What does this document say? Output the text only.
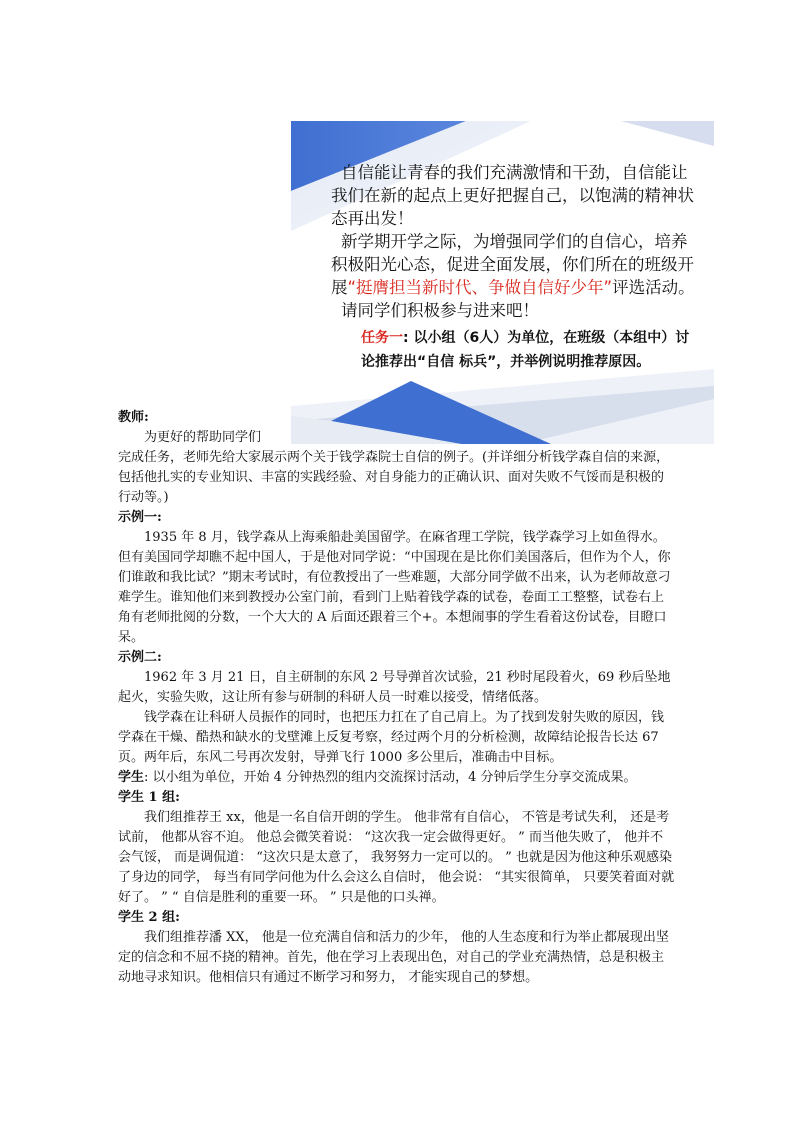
自信能让青春的我们充满激情和干劲，自信能让我们在新的起点上更好把握自己，以饱满的精神状态再出发！

新学期开学之际，为增强同学们的自信心，培养积极阳光心态，促进全面发展，你们所在的班级开展“挺膺担当新时代、争做自信好少年”评选活动。

请同学们积极参与进来吧！

任务一: 以小组（6人）为单位，在班级（本组中）讨论推荐出“自信 标兵”，并举例说明推荐原因。

教师:

为更好的帮助同学们

完成任务，老师先给大家展示两个关于钱学森院士自信的例子。(并详细分析钱学森自信的来源，包括他扎实的专业知识、丰富的实践经验、对自身能力的正确认识、面对失败不气馁而是积极的行动等。)

示例一:

1935 年 8 月，钱学森从上海乘船赴美国留学。在麻省理工学院，钱学森学习上如鱼得水。但有美国同学却瞧不起中国人，于是他对同学说：“中国现在是比你们美国落后，但作为个人，你们谁敢和我比试？”期末考试时，有位教授出了一些难题，大部分同学做不出来，认为老师故意刁难学生。谁知他们来到教授办公室门前，看到门上贴着钱学森的试卷，卷面工工整整，试卷右上角有老师批阅的分数，一个大大的 A 后面还跟着三个+。本想闹事的学生看着这份试卷，目瞪口呆。

示例二:

1962 年 3 月 21 日，自主研制的东风 2 号导弹首次试验，21 秒时尾段着火，69 秒后坠地起火，实验失败，这让所有参与研制的科研人员一时难以接受，情绪低落。

钱学森在让科研人员振作的同时，也把压力扛在了自己肩上。为了找到发射失败的原因，钱学森在干燥、酷热和缺水的戈壁滩上反复考察，经过两个月的分析检测，故障结论报告长达 67 页。两年后，东风二号再次发射，导弹飞行 1000 多公里后，准确击中目标。

学生: 以小组为单位，开始 4 分钟热烈的组内交流探讨活动，4 分钟后学生分享交流成果。

学生 1 组:

我们组推荐王 xx，他是一名自信开朗的学生。 他非常有自信心， 不管是考试失利， 还是考试前， 他都从容不迫。 他总会微笑着说： “这次我一定会做得更好。 ” 而当他失败了， 他并不会气馁， 而是调侃道： “这次只是太意了， 我努努力一定可以的。 ” 也就是因为他这种乐观感染了身边的同学， 每当有同学问他为什么会这么自信时， 他会说： “其实很简单， 只要笑着面对就好了。 ” “ 自信是胜利的重要一环。 ” 只是他的口头禅。

学生 2 组:

我们组推荐潘 XX， 他是一位充满自信和活力的少年， 他的人生态度和行为举止都展现出坚定的信念和不屈不挠的精神。首先，他在学习上表现出色，对自己的学业充满热情，总是积极主动地寻求知识。他相信只有通过不断学习和努力， 才能实现自己的梦想。
